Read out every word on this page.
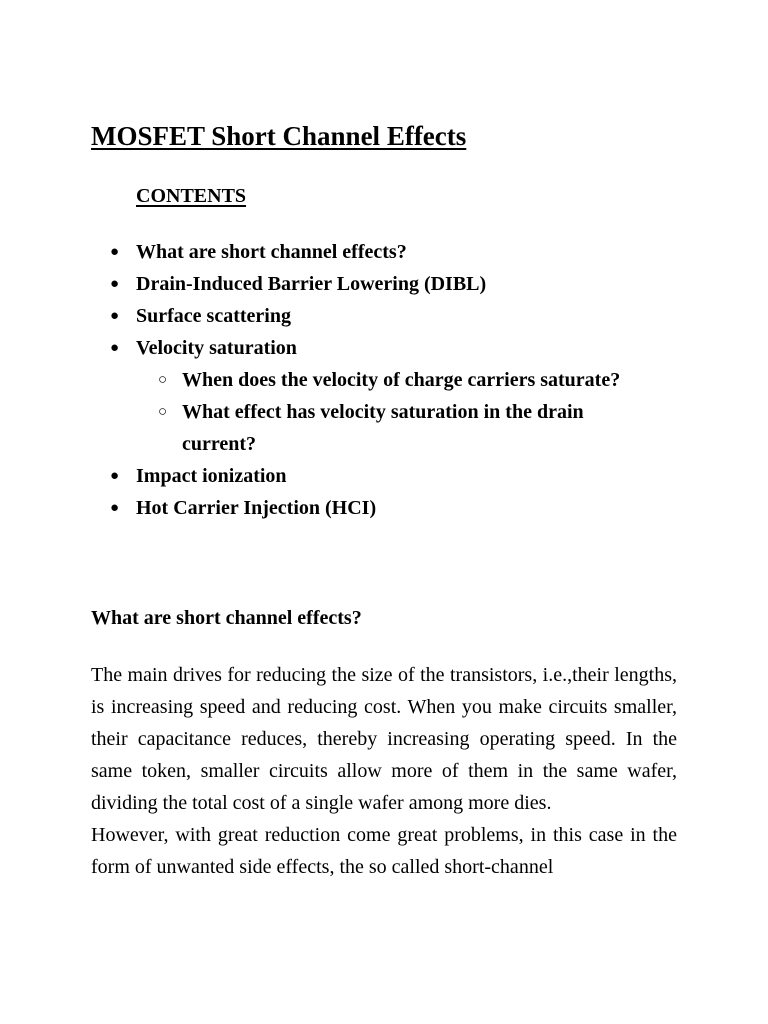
MOSFET Short Channel Effects
CONTENTS
● What are short channel effects?
● Drain-Induced Barrier Lowering (DIBL)
● Surface scattering
● Velocity saturation
○ When does the velocity of charge carriers saturate?
○ What effect has velocity saturation in the drain current?
● Impact ionization
● Hot Carrier Injection (HCI)
What are short channel effects?

The main drives for reducing the size of the transistors, i.e.,their lengths, is increasing speed and reducing cost. When you make circuits smaller, their capacitance reduces, thereby increasing operating speed. In the same token, smaller circuits allow more of them in the same wafer, dividing the total cost of a single wafer among more dies.

However, with great reduction come great problems, in this case in the form of unwanted side effects, the so called short-channel
